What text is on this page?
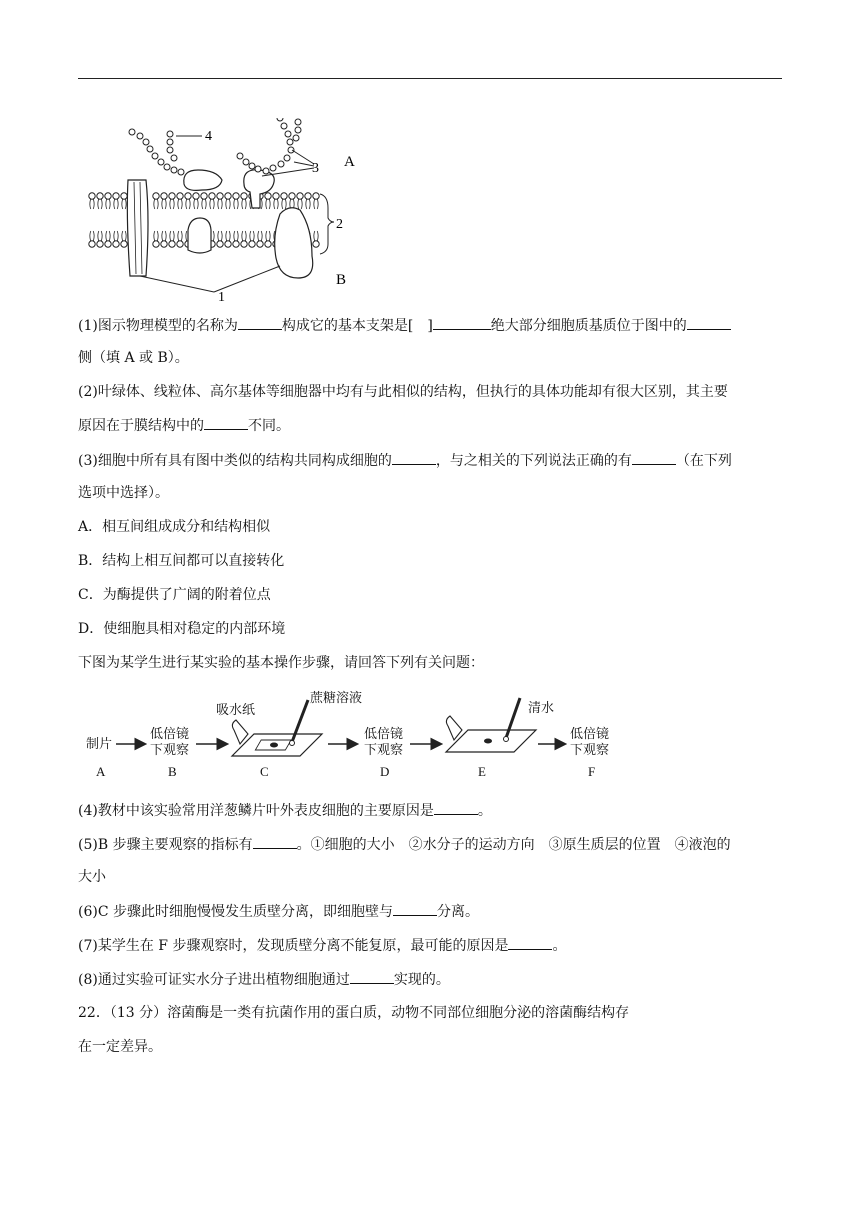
4
3 A
2
B
1
(1)图示物理模型的名称为	构成它的基本支架是[ ]	绝大部分细胞质基质位于图中的
侧（填 A 或 B）。
(2)叶绿体、线粒体、高尔基体等细胞器中均有与此相似的结构，但执行的具体功能却有很大区别，其主要
原因在于膜结构中的	不同。
(3)细胞中所有具有图中类似的结构共同构成细胞的	，与之相关的下列说法正确的有	（在下列
选项中选择）。
A．相互间组成成分和结构相似
B．结构上相互间都可以直接转化
C．为酶提供了广阔的附着位点
D．使细胞具相对稳定的内部环境
下图为某学生进行某实验的基本操作步骤，请回答下列有关问题：
制片
低倍镜
下观察
吸水纸
蔗糖溶液
低倍镜
下观察
清水
低倍镜
下观察
A	B	C	D	E	F
(4)教材中该实验常用洋葱鳞片叶外表皮细胞的主要原因是	。
(5)B 步骤主要观察的指标有	。①细胞的大小　②水分子的运动方向　③原生质层的位置　④液泡的
大小
(6)C 步骤此时细胞慢慢发生质壁分离，即细胞壁与	分离。
(7)某学生在 F 步骤观察时，发现质壁分离不能复原，最可能的原因是	。
(8)通过实验可证实水分子进出植物细胞通过	实现的。
22．（13 分）溶菌酶是一类有抗菌作用的蛋白质，动物不同部位细胞分泌的溶菌酶结构存
在一定差异。
